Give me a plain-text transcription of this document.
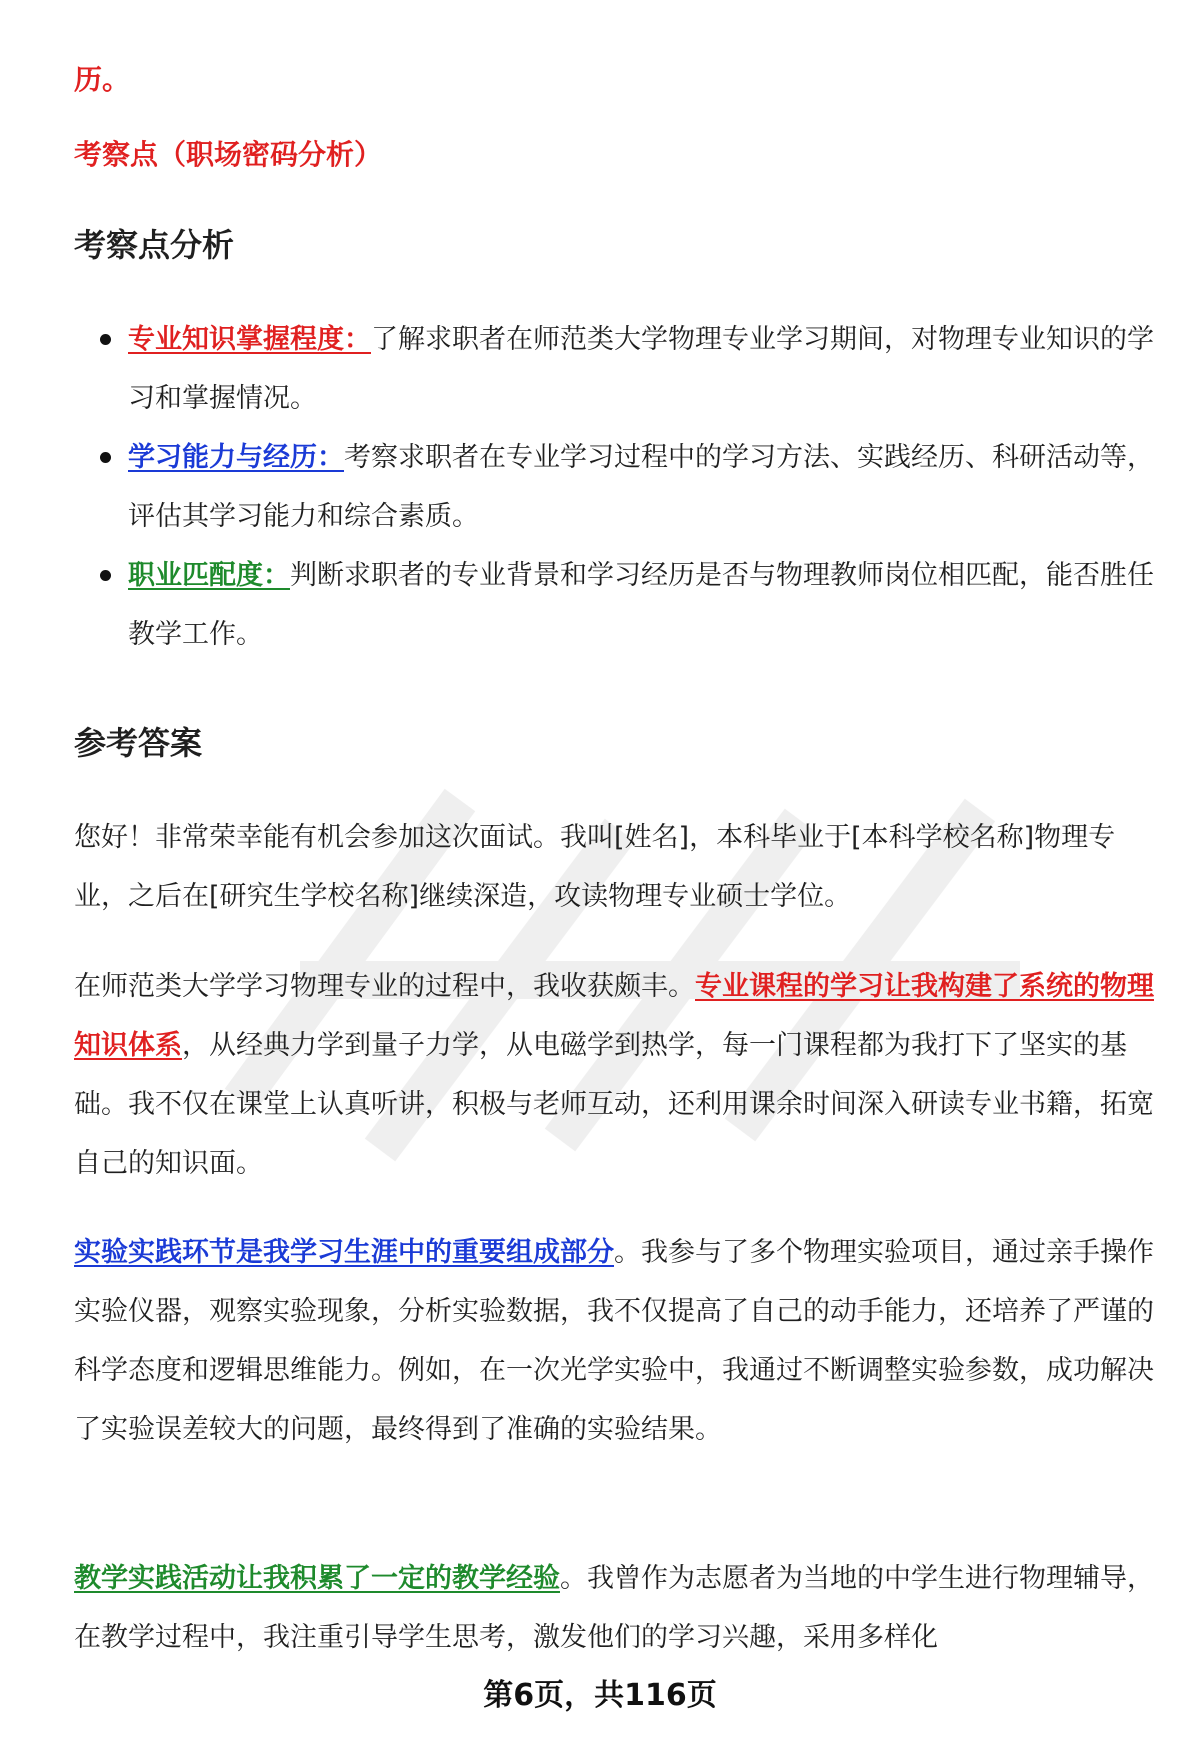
历。
考察点（职场密码分析）
考察点分析
专业知识掌握程度：了解求职者在师范类大学物理专业学习期间，对物理专业知识的学习和掌握情况。
学习能力与经历：考察求职者在专业学习过程中的学习方法、实践经历、科研活动等，评估其学习能力和综合素质。
职业匹配度：判断求职者的专业背景和学习经历是否与物理教师岗位相匹配，能否胜任教学工作。
参考答案

您好！非常荣幸能有机会参加这次面试。我叫[姓名]，本科毕业于[本科学校名称]物理专业，之后在[研究生学校名称]继续深造，攻读物理专业硕士学位。

在师范类大学学习物理专业的过程中，我收获颇丰。专业课程的学习让我构建了系统的物理知识体系，从经典力学到量子力学，从电磁学到热学，每一门课程都为我打下了坚实的基础。我不仅在课堂上认真听讲，积极与老师互动，还利用课余时间深入研读专业书籍，拓宽自己的知识面。

实验实践环节是我学习生涯中的重要组成部分。我参与了多个物理实验项目，通过亲手操作实验仪器，观察实验现象，分析实验数据，我不仅提高了自己的动手能力，还培养了严谨的科学态度和逻辑思维能力。例如，在一次光学实验中，我通过不断调整实验参数，成功解决了实验误差较大的问题，最终得到了准确的实验结果。

教学实践活动让我积累了一定的教学经验。我曾作为志愿者为当地的中学生进行物理辅导，在教学过程中，我注重引导学生思考，激发他们的学习兴趣，采用多样化

第6页，共116页
